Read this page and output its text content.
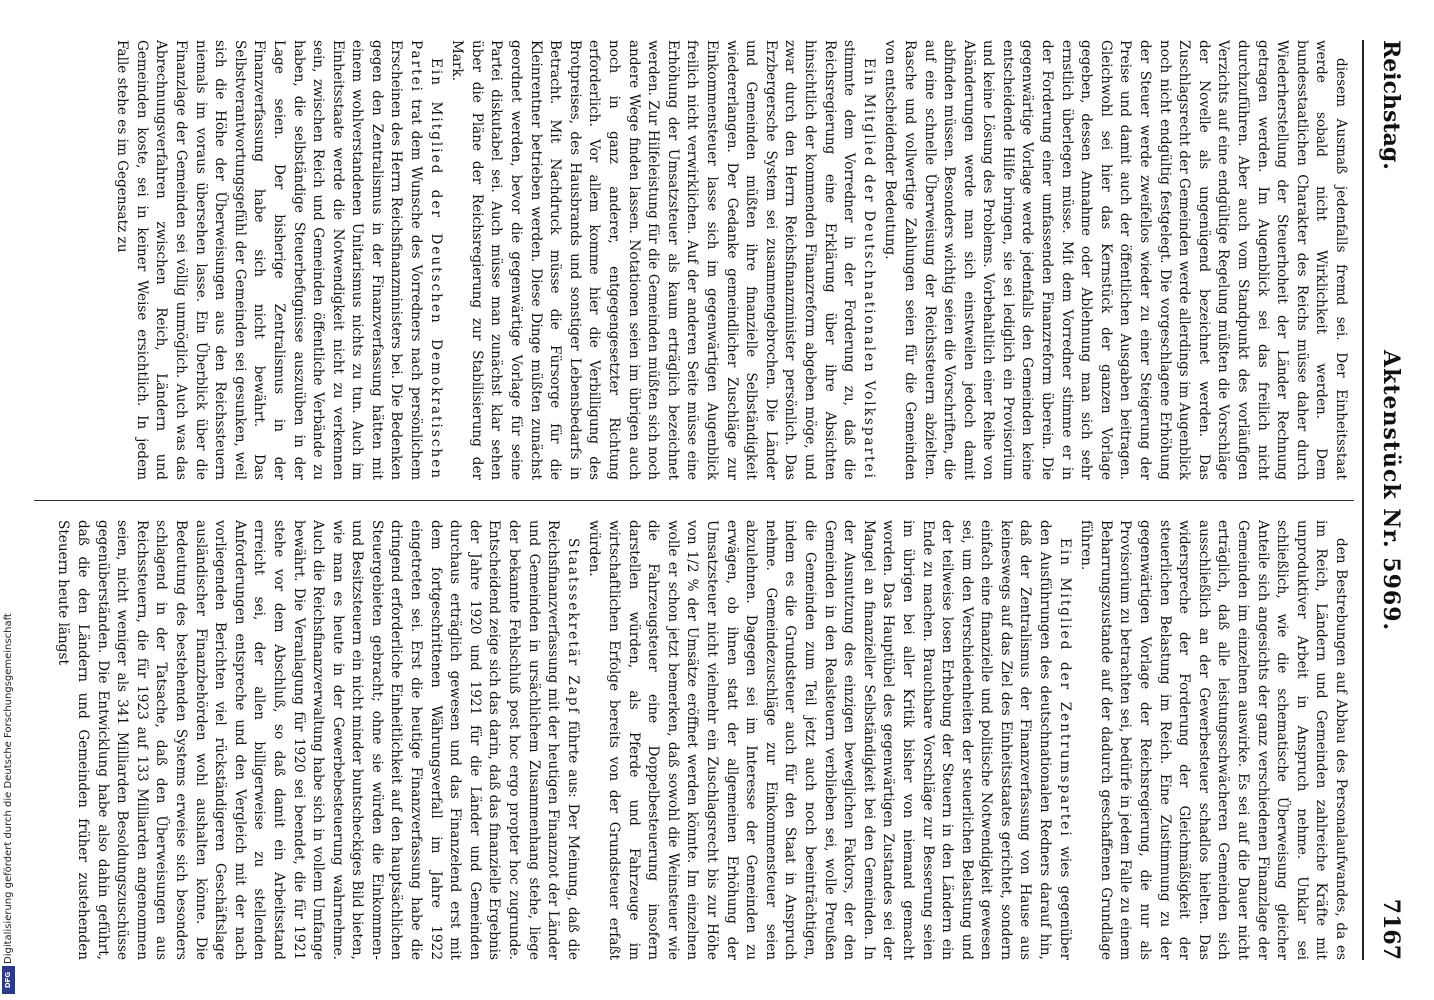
Reichstag.
Aktenstück Nr. 5969.
7167

diesem Ausmaß jedenfalls fremd sei. Der Einheitsstaat werde sobald nicht Wirklichkeit werden. Dem bundesstaatlichen Charakter des Reichs müsse daher durch Wiederherstellung der Steuerhoheit der Länder Rechnung getragen werden. Im Augenblick sei das freilich nicht durchzuführen. Aber auch vom Standpunkt des vorläufigen Verzichts auf eine endgültige Regelung müßten die Vorschläge der Novelle als ungenügend bezeichnet werden. Das Zuschlagsrecht der Gemeinden werde allerdings im Augenblick noch nicht endgültig festgelegt. Die vorgeschlagene Erhöhung der Steuer werde zweifellos wieder zu einer Steigerung der Preise und damit auch der öffentlichen Ausgaben beitragen. Gleichwohl sei hier das Kernstück der ganzen Vorlage gegeben, dessen Annahme oder Ablehnung man sich sehr ernstlich überlegen müsse. Mit dem Vorredner stimme er in der Forderung einer umfassenden Finanzreform überein. Die gegenwärtige Vorlage werde jedenfalls den Gemeinden keine entscheidende Hilfe bringen, sie sei lediglich ein Provisorium und keine Lösung des Problems. Vorbehaltlich einer Reihe von Abänderungen werde man sich einstweilen jedoch damit abfinden müssen. Besonders wichtig seien die Vorschriften, die auf eine schnelle Überweisung der Reichssteuern abzielten. Rasche und vollwertige Zahlungen seien für die Gemeinden von entscheidender Bedeutung.

Ein Mitglied der Deutschnationalen Volkspartei stimmte dem Vorredner in der Forderung zu, daß die Reichsregierung eine Erklärung über ihre Absichten hinsichtlich der kommenden Finanzreform abgeben möge, und zwar durch den Herrn Reichsfinanzminister persönlich. Das Erzbergersche System sei zusammengebrochen. Die Länder und Gemeinden müßten ihre finanzielle Selbständigkeit wiedererlangen. Der Gedanke gemeindlicher Zuschläge zur Einkommensteuer lasse sich im gegenwärtigen Augenblick freilich nicht verwirklichen. Auf der anderen Seite müsse eine Erhöhung der Umsatzsteuer als kaum erträglich bezeichnet werden. Zur Hilfeleistung für die Gemeinden müßten sich noch andere Wege finden lassen. Notationen seien im übrigen auch noch in ganz anderer, entgegengesetzter Richtung erforderlich. Vor allem komme hier die Verbilligung des Brotpreises, des Hausbrands und sonstiger Lebensbedarfs in Betracht. Mit Nachdruck müsse die Fürsorge für die Kleinrentner betrieben werden. Diese Dinge müßten zunächst geordnet werden, bevor die gegenwärtige Vorlage für seine Partei diskutabel sei. Auch müsse man zunächst klar sehen über die Pläne der Reichsregierung zur Stabilisierung der Mark.

Ein Mitglied der Deutschen Demokratischen Partei trat dem Wunsche des Vorredners nach persönlichem Erscheinen des Herrn Reichsfinanzministers bei. Die Bedenken gegen den Zentralismus in der Finanzverfassung hätten mit einem wohlverstandenen Unitarismus nichts zu tun. Auch im Einheitsstaate werde die Notwendigkeit nicht zu verkennen sein, zwischen Reich und Gemeinden öffentliche Verbände zu haben, die selbständige Steuerbefugnisse auszuüben in der Lage seien. Der bisherige Zentralismus in der Finanzverfassung habe sich nicht bewährt. Das Selbstverantwortungsgefühl der Gemeinden sei gesunken, weil sich die Höhe der Überweisungen aus den Reichssteuern niemals im voraus übersehen lasse. Ein Überblick über die Finanzlage der Gemeinden sei völlig unmöglich. Auch was das Abrechnungsverfahren zwischen Reich, Ländern und Gemeinden koste, sei in keiner Weise ersichtlich. In jedem Falle stehe es im Gegensatz zu

den Bestrebungen auf Abbau des Personalaufwandes, da es im Reich, Ländern und Gemeinden zahlreiche Kräfte mit unproduktiver Arbeit in Anspruch nehme. Unklar sei schließlich, wie die schematische Überweisung gleicher Anteile sich angesichts der ganz verschiedenen Finanzlage der Gemeinden im einzelnen auswirke. Es sei auf die Dauer nicht erträglich, daß alle leistungsschwächeren Gemeinden sich ausschließlich an der Gewerbesteuer schadlos hielten. Das widerspreche der Forderung der Gleichmäßigkeit der steuerlichen Belastung im Reich. Eine Zustimmung zu der gegenwärtigen Vorlage der Reichsregierung, die nur als Provisorium zu betrachten sei, bedürfe in jedem Falle zu einem Beharrungszustande auf der dadurch geschaffenen Grundlage führen.

Ein Mitglied der Zentrumspartei wies gegenüber den Ausführungen des deutschnationalen Redners darauf hin, daß der Zentralismus der Finanzverfassung von Hause aus keineswegs auf das Ziel des Einheitsstaates gerichtet, sondern einfach eine finanzielle und politische Notwendigkeit gewesen sei, um den Verschiedenheiten der steuerlichen Belastung und der teilweise losen Erhebung der Steuern in den Ländern ein Ende zu machen. Brauchbare Vorschläge zur Besserung seien im übrigen bei aller Kritik bisher von niemand gemacht worden. Das Hauptübel des gegenwärtigen Zustandes sei der Mangel an finanzieller Selbständigkeit bei den Gemeinden. In der Ausnutzung des einzigen beweglichen Faktors, der den Gemeinden in den Realsteuern verblieben sei, wolle Preußen die Gemeinden zum Teil jetzt auch noch beeinträchtigen, indem es die Grundsteuer auch für den Staat in Anspruch nehme. Gemeindezuschläge zur Einkommensteuer seien abzulehnen. Dagegen sei im Interesse der Gemeinden zu erwägen, ob ihnen statt der allgemeinen Erhöhung der Umsatzsteuer nicht vielmehr ein Zuschlagsrecht bis zur Höhe von 1/2 % der Umsätze eröffnet werden könnte. Im einzelnen wolle er schon jetzt bemerken, daß sowohl die Weinsteuer wie die Fahrzeugsteuer eine Doppelbesteuerung insofern darstellen würden, als Pferde und Fahrzeuge im wirtschaftlichen Erfolge bereits von der Grundsteuer erfaßt würden.

Staatssekretär Zapf führte aus: Der Meinung, daß die Reichsfinanzverfassung mit der heutigen Finanznot der Länder und Gemeinden in ursächlichem Zusammenhang stehe, liege der bekannte Fehlschluß post hoc ergo propter hoc zugrunde. Entscheidend zeige sich das darin, daß das finanzielle Ergebnis der Jahre 1920 und 1921 für die Länder und Gemeinden durchaus erträglich gewesen und das Finanzelend erst mit dem fortgeschrittenen Währungsverfall im Jahre 1922 eingetreten sei. Erst die heutige Finanzverfassung habe die dringend erforderliche Einheitlichkeit auf den hauptsächlichen Steuergebieten gebracht; ohne sie würden die Einkommen- und Besitzsteuern ein nicht minder buntscheckiges Bild bieten, wie man es heute in der Gewerbebesteuerung wahrnehme. Auch die Reichsfinanzverwaltung habe sich in vollem Umfange bewährt. Die Veranlagung für 1920 sei beendet, die für 1921 stehe vor dem Abschluß, so daß damit ein Arbeitsstand erreicht sei, der allen billigerweise zu stellenden Anforderungen entspreche und den Vergleich mit der nach vorliegenden Berichten viel rückständigeren Geschäftslage ausländischer Finanzbehörden wohl aushalten könne. Die Bedeutung des bestehenden Systems erweise sich besonders schlagend in der Tatsache, daß den Überweisungen aus Reichssteuern, die für 1923 auf 133 Milliarden angenommen seien, nicht weniger als 341 Milliarden Besoldungszuschüsse gegenüberständen. Die Entwicklung habe also dahin geführt, daß die den Ländern und Gemeinden früher zustehenden Steuern heute längst

Digitalisierung gefördert durch die Deutsche Forschungsgemeinschaft
DFG
